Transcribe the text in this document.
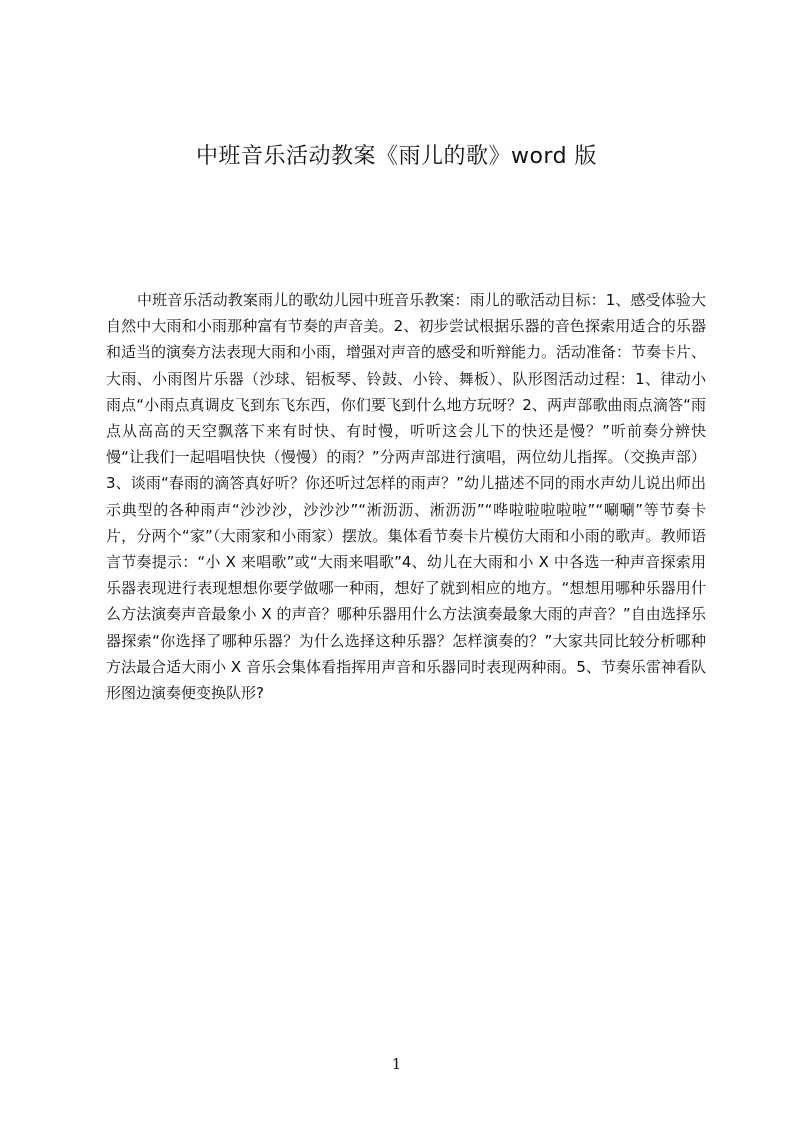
中班音乐活动教案《雨儿的歌》word 版
中班音乐活动教案雨儿的歌幼儿园中班音乐教案：雨儿的歌活动目标：1、感受体验大自然中大雨和小雨那种富有节奏的声音美。2、初步尝试根据乐器的音色探索用适合的乐器和适当的演奏方法表现大雨和小雨，增强对声音的感受和听辩能力。活动准备：节奏卡片、大雨、小雨图片乐器（沙球、铝板琴、铃鼓、小铃、舞板）、队形图活动过程：1、律动小雨点“小雨点真调皮飞到东飞东西，你们要飞到什么地方玩呀？2、两声部歌曲雨点滴答“雨点从高高的天空飘落下来有时快、有时慢，听听这会儿下的快还是慢？”听前奏分辨快慢“让我们一起唱唱快快（慢慢）的雨？”分两声部进行演唱，两位幼儿指挥。（交换声部）3、谈雨“春雨的滴答真好听？你还听过怎样的雨声？”幼儿描述不同的雨水声幼儿说出师出示典型的各种雨声“沙沙沙，沙沙沙”“淅沥沥、淅沥沥”“哗啦啦啦啦啦”“唰唰”等节奏卡片，分两个“家”（大雨家和小雨家）摆放。集体看节奏卡片模仿大雨和小雨的歌声。教师语言节奏提示：“小 X 来唱歌”或“大雨来唱歌”4、幼儿在大雨和小 X 中各选一种声音探索用乐器表现进行表现想想你要学做哪一种雨，想好了就到相应的地方。“想想用哪种乐器用什么方法演奏声音最象小 X 的声音？哪种乐器用什么方法演奏最象大雨的声音？”自由选择乐器探索“你选择了哪种乐器？为什么选择这种乐器？怎样演奏的？”大家共同比较分析哪种方法最合适大雨小 X 音乐会集体看指挥用声音和乐器同时表现两种雨。5、节奏乐雷神看队形图边演奏便变换队形?
1
